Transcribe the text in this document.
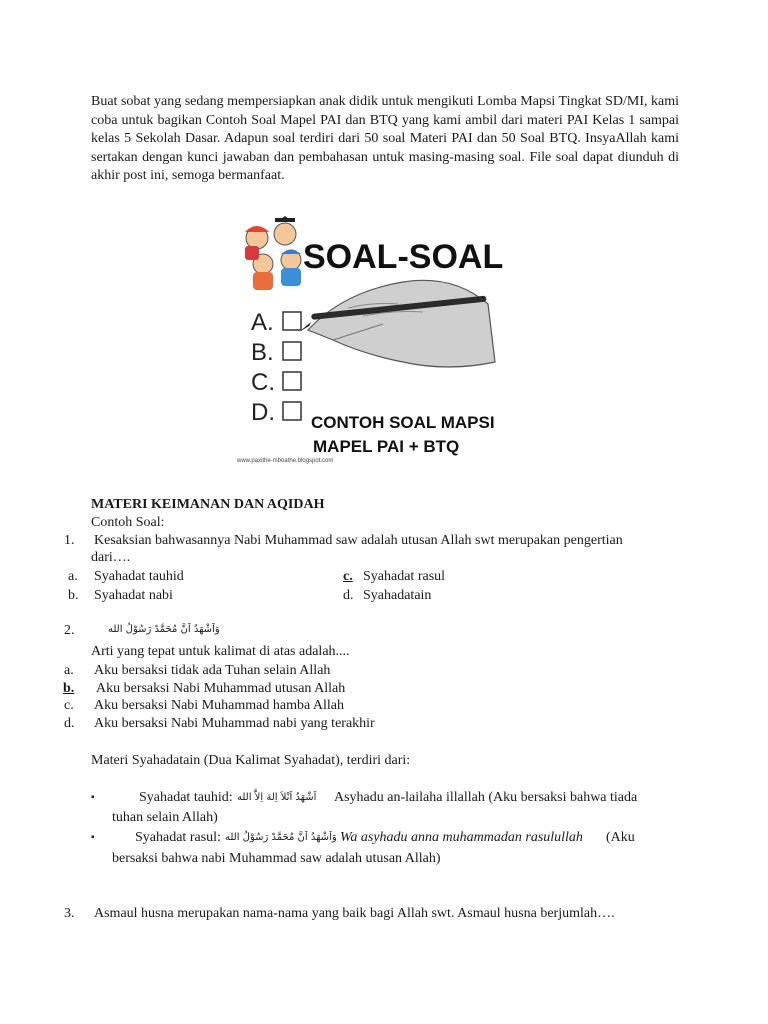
Buat sobat yang sedang mempersiapkan anak didik untuk mengikuti Lomba Mapsi Tingkat SD/MI, kami coba untuk bagikan Contoh Soal Mapel PAI dan BTQ yang kami ambil dari materi PAI Kelas 1 sampai kelas 5 Sekolah Dasar. Adapun soal terdiri dari 50 soal Materi PAI dan 50 Soal BTQ. InsyaAllah kami sertakan dengan kunci jawaban dan pembahasan untuk masing-masing soal. File soal dapat diunduh di akhir post ini, semoga bermanfaat.
SOAL-SOAL
A.
B.
C.
D. CONTOH SOAL MAPSI
MAPEL PAI + BTQ
www.paxithe-mboathe.blogspot.com
MATERI KEIMANAN DAN AQIDAH
Contoh Soal:
1. Kesaksian bahwasannya Nabi Muhammad saw adalah utusan Allah swt merupakan pengertian
dari….
a. Syahadat tauhid	c. Syahadat rasul
b. Syahadat nabi	d. Syahadatain
2.	وَاَشْهَدُ اَنَّ مُحَمَّدً رَسُوْلُ الله
Arti yang tepat untuk kalimat di atas adalah....
a. Aku bersaksi tidak ada Tuhan selain Allah
b. Aku bersaksi Nabi Muhammad utusan Allah
c. Aku bersaksi Nabi Muhammad hamba Allah
d. Aku bersaksi Nabi Muhammad nabi yang terakhir
Materi Syahadatain (Dua Kalimat Syahadat), terdiri dari:
▪	Syahadat tauhid: اَشْهَدُ اَنْلاَ اِلهَ اِلاَّ الله Asyhadu an-lailaha illallah (Aku bersaksi bahwa tiada
tuhan selain Allah)
▪	Syahadat rasul: وَاَشْهَدُ اَنَّ مُحَمَّدً رَسُوْلُ الله Wa asyhadu anna muhammadan rasulullah (Aku
bersaksi bahwa nabi Muhammad saw adalah utusan Allah)
3. Asmaul husna merupakan nama-nama yang baik bagi Allah swt. Asmaul husna berjumlah….
